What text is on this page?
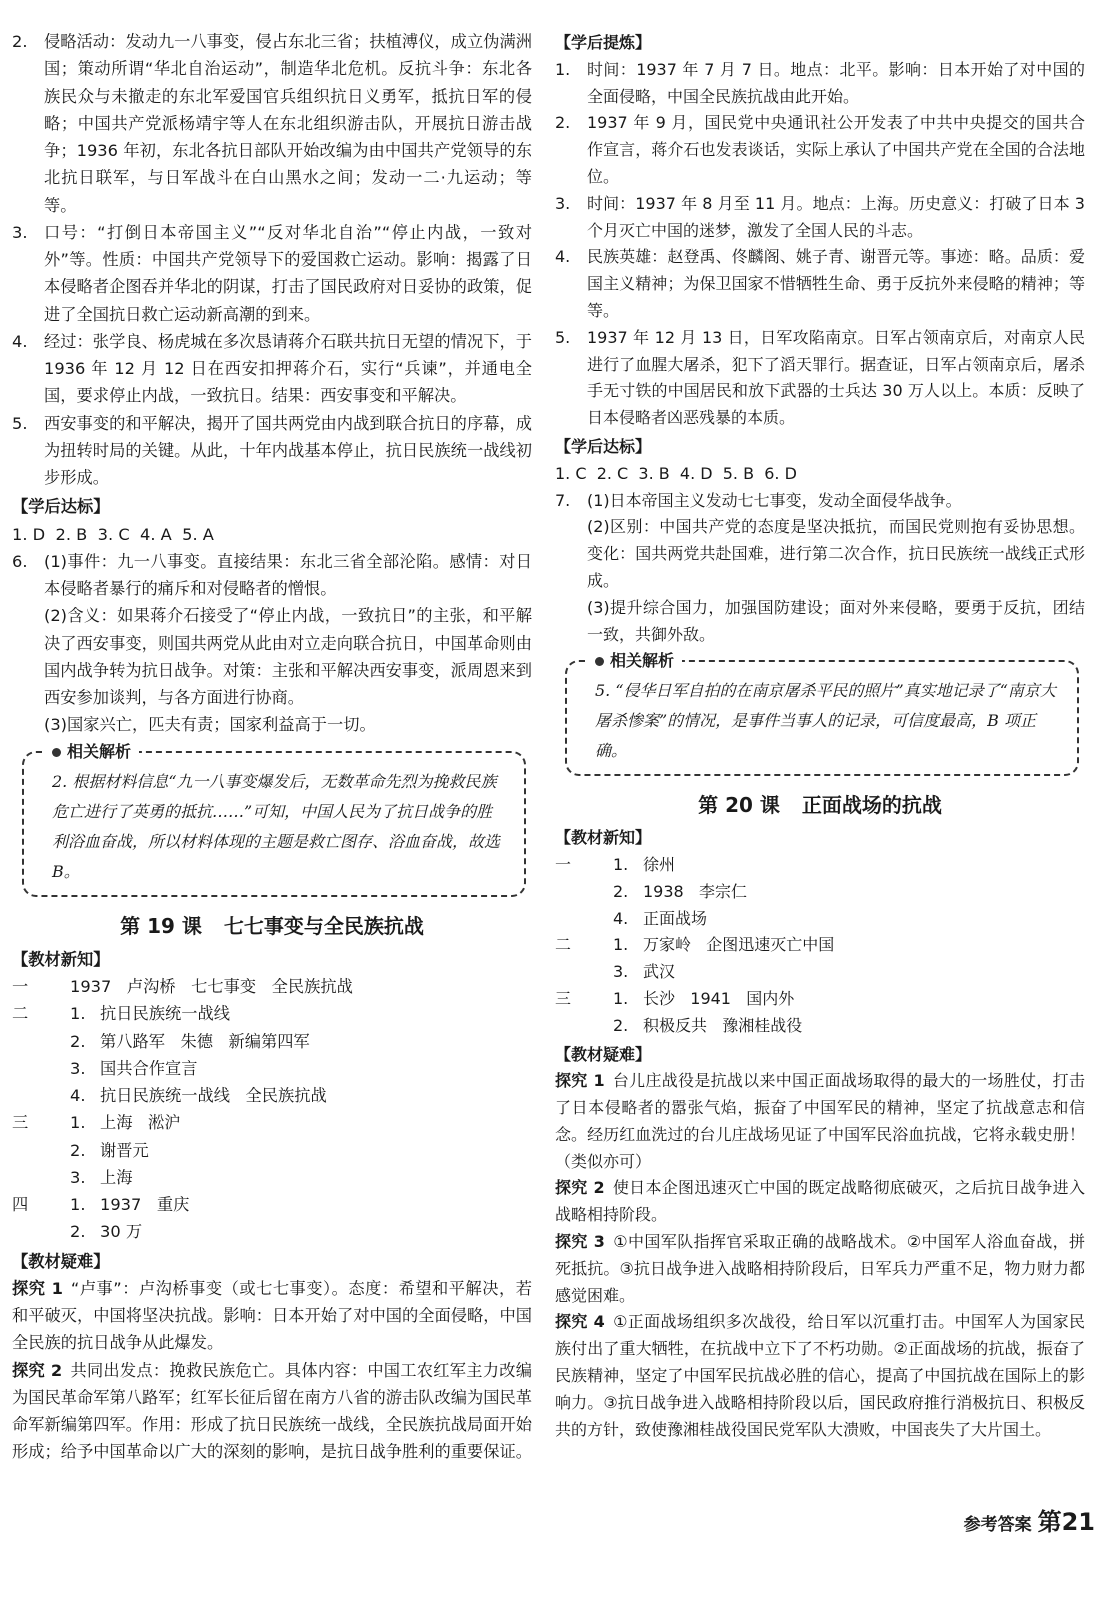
2. 侵略活动：发动九一八事变，侵占东北三省；扶植溥仪，成立伪满洲国；策动所谓“华北自治运动”，制造华北危机。反抗斗争：东北各族民众与未撤走的东北军爱国官兵组织抗日义勇军，抵抗日军的侵略；中国共产党派杨靖宇等人在东北组织游击队，开展抗日游击战争；1936 年初，东北各抗日部队开始改编为由中国共产党领导的东北抗日联军，与日军战斗在白山黑水之间；发动一二·九运动；等等。
3. 口号：“打倒日本帝国主义”“反对华北自治”“停止内战，一致对外”等。性质：中国共产党领导下的爱国救亡运动。影响：揭露了日本侵略者企图吞并华北的阴谋，打击了国民政府对日妥协的政策，促进了全国抗日救亡运动新高潮的到来。
4. 经过：张学良、杨虎城在多次恳请蒋介石联共抗日无望的情况下，于 1936 年 12 月 12 日在西安扣押蒋介石，实行“兵谏”，并通电全国，要求停止内战，一致抗日。结果：西安事变和平解决。
5. 西安事变的和平解决，揭开了国共两党由内战到联合抗日的序幕，成为扭转时局的关键。从此，十年内战基本停止，抗日民族统一战线初步形成。
【学后达标】
1. D  2. B  3. C  4. A  5. A
6. (1)事件：九一八事变。直接结果：东北三省全部沦陷。感情：对日本侵略者暴行的痛斥和对侵略者的憎恨。
(2)含义：如果蒋介石接受了“停止内战，一致抗日”的主张，和平解决了西安事变，则国共两党从此由对立走向联合抗日，中国革命则由国内战争转为抗日战争。对策：主张和平解决西安事变，派周恩来到西安参加谈判，与各方面进行协商。
(3)国家兴亡，匹夫有责；国家利益高于一切。
相关解析
2. 根据材料信息“九一八事变爆发后，无数革命先烈为挽救民族危亡进行了英勇的抵抗……”可知，中国人民为了抗日战争的胜利浴血奋战，所以材料体现的主题是救亡图存、浴血奋战，故选 B。
第 19 课 七七事变与全民族抗战
【教材新知】
一	1937   卢沟桥   七七事变   全民族抗战
二	1. 抗日民族统一战线
2. 第八路军   朱德   新编第四军
3. 国共合作宣言
4. 抗日民族统一战线   全民族抗战
三	1. 上海   淞沪
2. 谢晋元
3. 上海
四	1. 1937   重庆
2. 30 万
【教材疑难】
探究 1 “卢事”：卢沟桥事变（或七七事变）。态度：希望和平解决，若和平破灭，中国将坚决抗战。影响：日本开始了对中国的全面侵略，中国全民族的抗日战争从此爆发。
探究 2 共同出发点：挽救民族危亡。具体内容：中国工农红军主力改编为国民革命军第八路军；红军长征后留在南方八省的游击队改编为国民革命军新编第四军。作用：形成了抗日民族统一战线，全民族抗战局面开始形成；给予中国革命以广大的深刻的影响，是抗日战争胜利的重要保证。
【学后提炼】
1. 时间：1937 年 7 月 7 日。地点：北平。影响：日本开始了对中国的全面侵略，中国全民族抗战由此开始。
2. 1937 年 9 月，国民党中央通讯社公开发表了中共中央提交的国共合作宣言，蒋介石也发表谈话，实际上承认了中国共产党在全国的合法地位。
3. 时间：1937 年 8 月至 11 月。地点：上海。历史意义：打破了日本 3 个月灭亡中国的迷梦，激发了全国人民的斗志。
4. 民族英雄：赵登禹、佟麟阁、姚子青、谢晋元等。事迹：略。品质：爱国主义精神；为保卫国家不惜牺牲生命、勇于反抗外来侵略的精神；等等。
5. 1937 年 12 月 13 日，日军攻陷南京。日军占领南京后，对南京人民进行了血腥大屠杀，犯下了滔天罪行。据查证，日军占领南京后，屠杀手无寸铁的中国居民和放下武器的士兵达 30 万人以上。本质：反映了日本侵略者凶恶残暴的本质。
【学后达标】
1. C  2. C  3. B  4. D  5. B  6. D
7. (1)日本帝国主义发动七七事变，发动全面侵华战争。
(2)区别：中国共产党的态度是坚决抵抗，而国民党则抱有妥协思想。变化：国共两党共赴国难，进行第二次合作，抗日民族统一战线正式形成。
(3)提升综合国力，加强国防建设；面对外来侵略，要勇于反抗，团结一致，共御外敌。
相关解析
5. “侵华日军自拍的在南京屠杀平民的照片”真实地记录了“南京大屠杀惨案”的情况，是事件当事人的记录，可信度最高，B 项正确。
第 20 课 正面战场的抗战
【教材新知】
一	1. 徐州
2. 1938   李宗仁
4. 正面战场
二	1. 万家岭   企图迅速灭亡中国
3. 武汉
三	1. 长沙   1941   国内外
2. 积极反共   豫湘桂战役
【教材疑难】
探究 1 台儿庄战役是抗战以来中国正面战场取得的最大的一场胜仗，打击了日本侵略者的嚣张气焰，振奋了中国军民的精神，坚定了抗战意志和信念。经历红血洗过的台儿庄战场见证了中国军民浴血抗战，它将永载史册！（类似亦可）
探究 2 使日本企图迅速灭亡中国的既定战略彻底破灭，之后抗日战争进入战略相持阶段。
探究 3 ①中国军队指挥官采取正确的战略战术。②中国军人浴血奋战，拼死抵抗。③抗日战争进入战略相持阶段后，日军兵力严重不足，物力财力都感觉困难。
探究 4 ①正面战场组织多次战役，给日军以沉重打击。中国军人为国家民族付出了重大牺牲，在抗战中立下了不朽功勋。②正面战场的抗战，振奋了民族精神，坚定了中国军民抗战必胜的信心，提高了中国抗战在国际上的影响力。③抗日战争进入战略相持阶段以后，国民政府推行消极抗日、积极反共的方针，致使豫湘桂战役国民党军队大溃败，中国丧失了大片国土。
参考答案 第21
